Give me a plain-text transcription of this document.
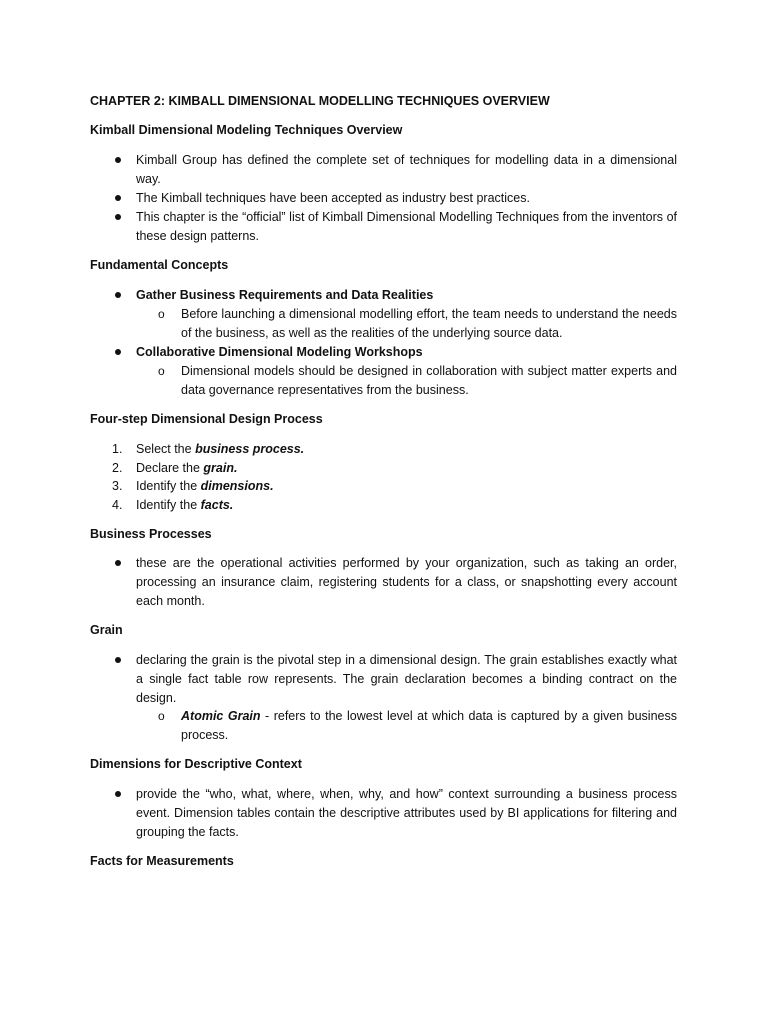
CHAPTER 2: KIMBALL DIMENSIONAL MODELLING TECHNIQUES OVERVIEW
Kimball Dimensional Modeling Techniques Overview
Kimball Group has defined the complete set of techniques for modelling data in a dimensional way.
The Kimball techniques have been accepted as industry best practices.
This chapter is the “official” list of Kimball Dimensional Modelling Techniques from the inventors of these design patterns.
Fundamental Concepts
Gather Business Requirements and Data Realities
o	Before launching a dimensional modelling effort, the team needs to understand the needs of the business, as well as the realities of the underlying source data.
Collaborative Dimensional Modeling Workshops
o	Dimensional models should be designed in collaboration with subject matter experts and data governance representatives from the business.
Four-step Dimensional Design Process
1.	Select the business process.
2.	Declare the grain.
3.	Identify the dimensions.
4.	Identify the facts.
Business Processes
these are the operational activities performed by your organization, such as taking an order, processing an insurance claim, registering students for a class, or snapshotting every account each month.
Grain
declaring the grain is the pivotal step in a dimensional design. The grain establishes exactly what a single fact table row represents. The grain declaration becomes a binding contract on the design.
o	Atomic Grain - refers to the lowest level at which data is captured by a given business process.
Dimensions for Descriptive Context
provide the “who, what, where, when, why, and how” context surrounding a business process event. Dimension tables contain the descriptive attributes used by BI applications for filtering and grouping the facts.
Facts for Measurements
